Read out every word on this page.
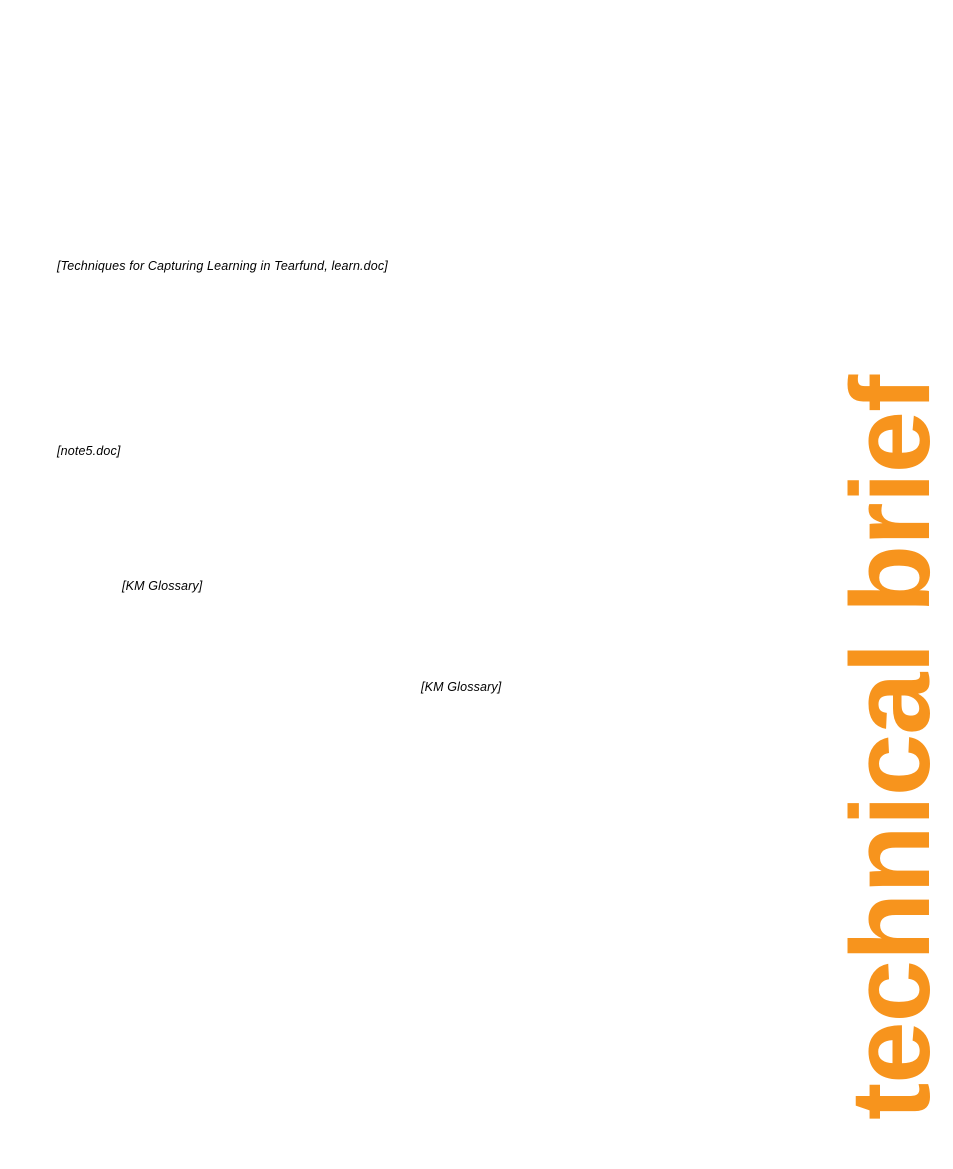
[Techniques for Capturing Learning in Tearfund, learn.doc]
[note5.doc]
[KM Glossary]
[KM Glossary]	technical brief
